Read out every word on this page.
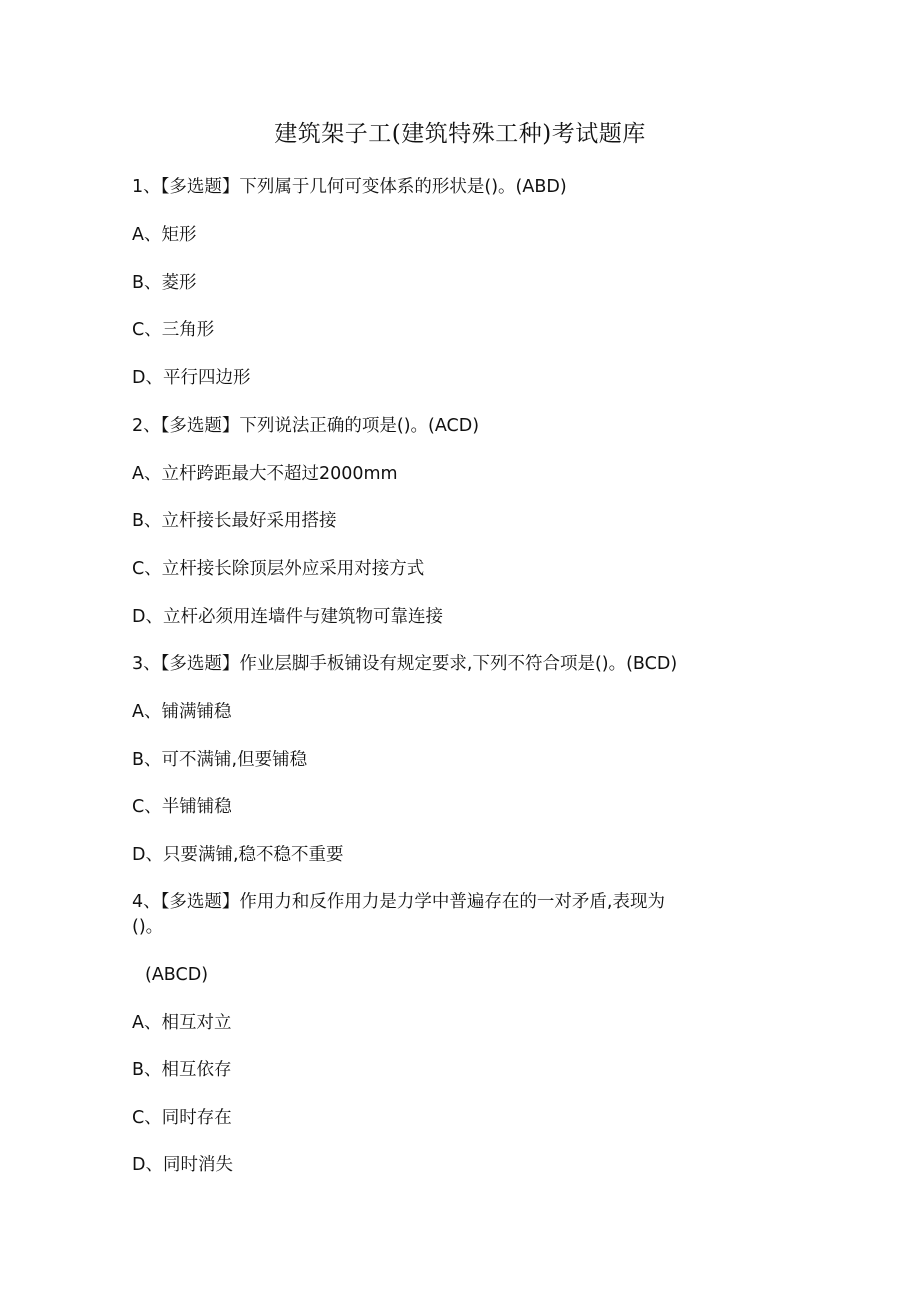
建筑架子工(建筑特殊工种)考试题库
1、【多选题】下列属于几何可变体系的形状是()。(ABD)
A、矩形
B、菱形
C、三角形
D、平行四边形
2、【多选题】下列说法正确的项是()。(ACD)
A、立杆跨距最大不超过2000mm
B、立杆接长最好采用搭接
C、立杆接长除顶层外应采用对接方式
D、立杆必须用连墙件与建筑物可靠连接
3、【多选题】作业层脚手板铺设有规定要求,下列不符合项是()。(BCD)
A、铺满铺稳
B、可不满铺,但要铺稳
C、半铺铺稳
D、只要满铺,稳不稳不重要
4、【多选题】作用力和反作用力是力学中普遍存在的一对矛盾,表现为
()。
(ABCD)
A、相互对立
B、相互依存
C、同时存在
D、同时消失
